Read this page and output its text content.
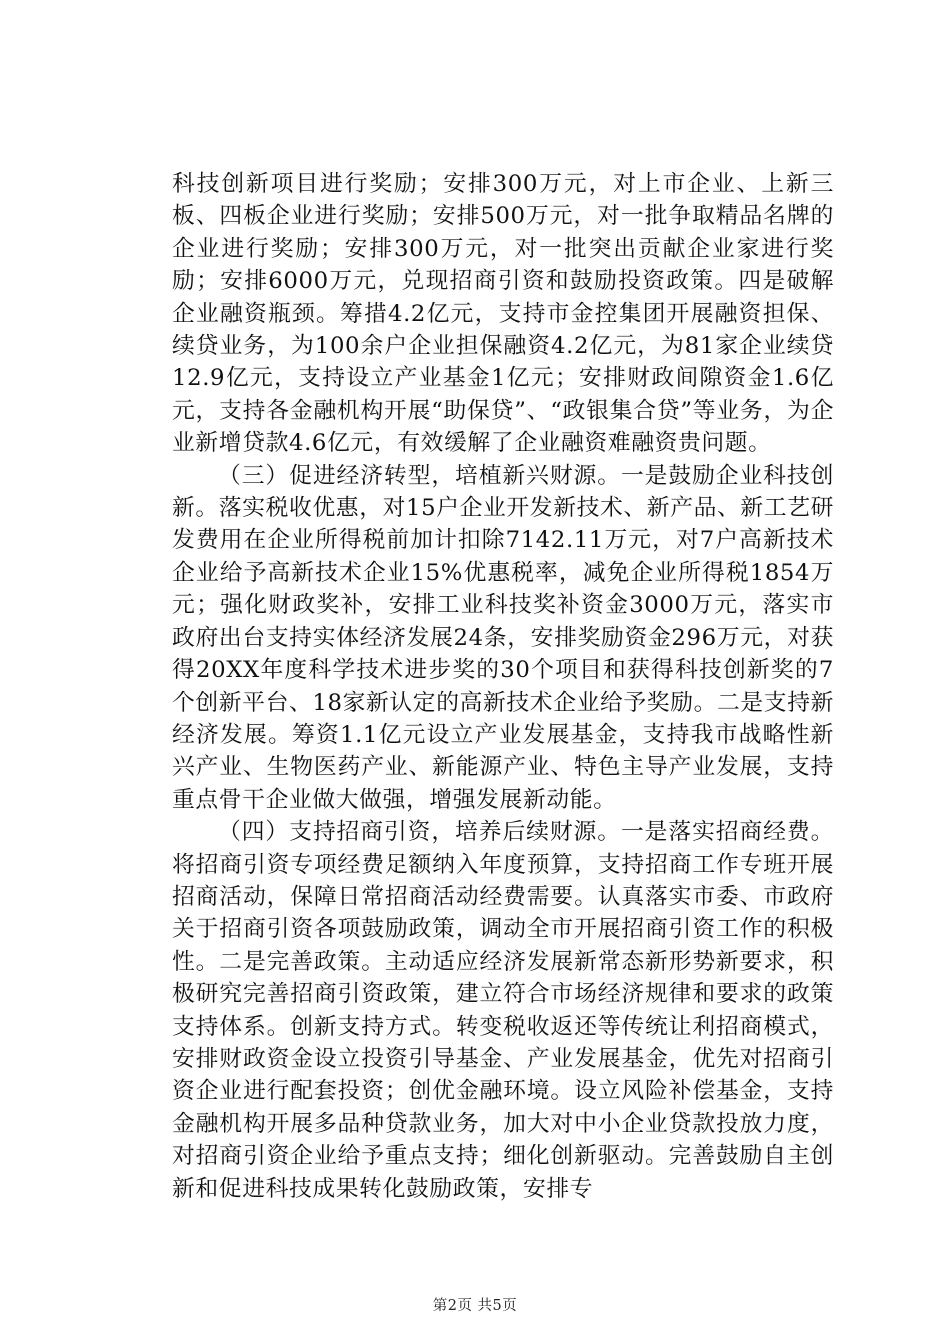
科技创新项目进行奖励；安排300万元，对上市企业、上新三板、四板企业进行奖励；安排500万元，对一批争取精品名牌的企业进行奖励；安排300万元，对一批突出贡献企业家进行奖励；安排6000万元，兑现招商引资和鼓励投资政策。四是破解企业融资瓶颈。筹措4.2亿元，支持市金控集团开展融资担保、续贷业务，为100余户企业担保融资4.2亿元，为81家企业续贷12.9亿元，支持设立产业基金1亿元；安排财政间隙资金1.6亿元，支持各金融机构开展“助保贷”、“政银集合贷”等业务，为企业新增贷款4.6亿元，有效缓解了企业融资难融资贵问题。

（三）促进经济转型，培植新兴财源。一是鼓励企业科技创新。落实税收优惠，对15户企业开发新技术、新产品、新工艺研发费用在企业所得税前加计扣除7142.11万元，对7户高新技术企业给予高新技术企业15%优惠税率，减免企业所得税1854万元；强化财政奖补，安排工业科技奖补资金3000万元，落实市政府出台支持实体经济发展24条，安排奖励资金296万元，对获得20XX年度科学技术进步奖的30个项目和获得科技创新奖的7个创新平台、18家新认定的高新技术企业给予奖励。二是支持新经济发展。筹资1.1亿元设立产业发展基金，支持我市战略性新兴产业、生物医药产业、新能源产业、特色主导产业发展，支持重点骨干企业做大做强，增强发展新动能。

（四）支持招商引资，培养后续财源。一是落实招商经费。将招商引资专项经费足额纳入年度预算，支持招商工作专班开展招商活动，保障日常招商活动经费需要。认真落实市委、市政府关于招商引资各项鼓励政策，调动全市开展招商引资工作的积极性。二是完善政策。主动适应经济发展新常态新形势新要求，积极研究完善招商引资政策，建立符合市场经济规律和要求的政策支持体系。创新支持方式。转变税收返还等传统让利招商模式，安排财政资金设立投资引导基金、产业发展基金，优先对招商引资企业进行配套投资；创优金融环境。设立风险补偿基金，支持金融机构开展多品种贷款业务，加大对中小企业贷款投放力度，对招商引资企业给予重点支持；细化创新驱动。完善鼓励自主创新和促进科技成果转化鼓励政策，安排专

第2页 共5页
